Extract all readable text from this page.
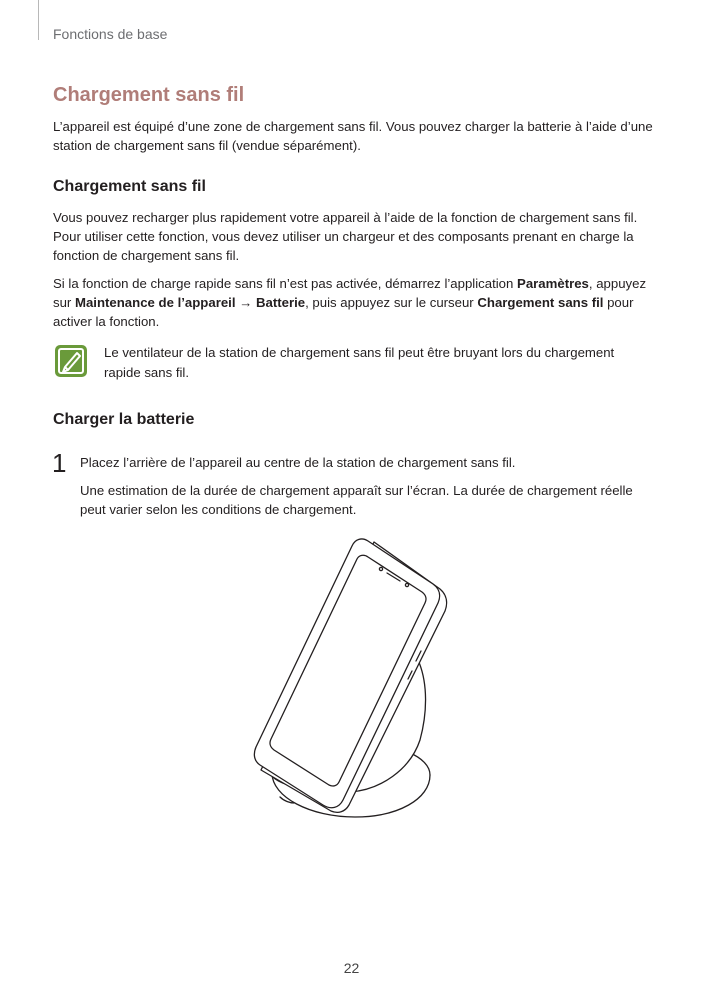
Fonctions de base
Chargement sans fil

L’appareil est équipé d’une zone de chargement sans fil. Vous pouvez charger la batterie à l’aide d’une station de chargement sans fil (vendue séparément).

Chargement sans fil

Vous pouvez recharger plus rapidement votre appareil à l’aide de la fonction de chargement sans fil. Pour utiliser cette fonction, vous devez utiliser un chargeur et des composants prenant en charge la fonction de chargement sans fil.

Si la fonction de charge rapide sans fil n’est pas activée, démarrez l’application Paramètres, appuyez sur Maintenance de l’appareil → Batterie, puis appuyez sur le curseur Chargement sans fil pour activer la fonction.

Le ventilateur de la station de chargement sans fil peut être bruyant lors du chargement rapide sans fil.
Charger la batterie
1 Placez l’arrière de l’appareil au centre de la station de chargement sans fil.
Une estimation de la durée de chargement apparaît sur l’écran. La durée de chargement réelle peut varier selon les conditions de chargement.
22
